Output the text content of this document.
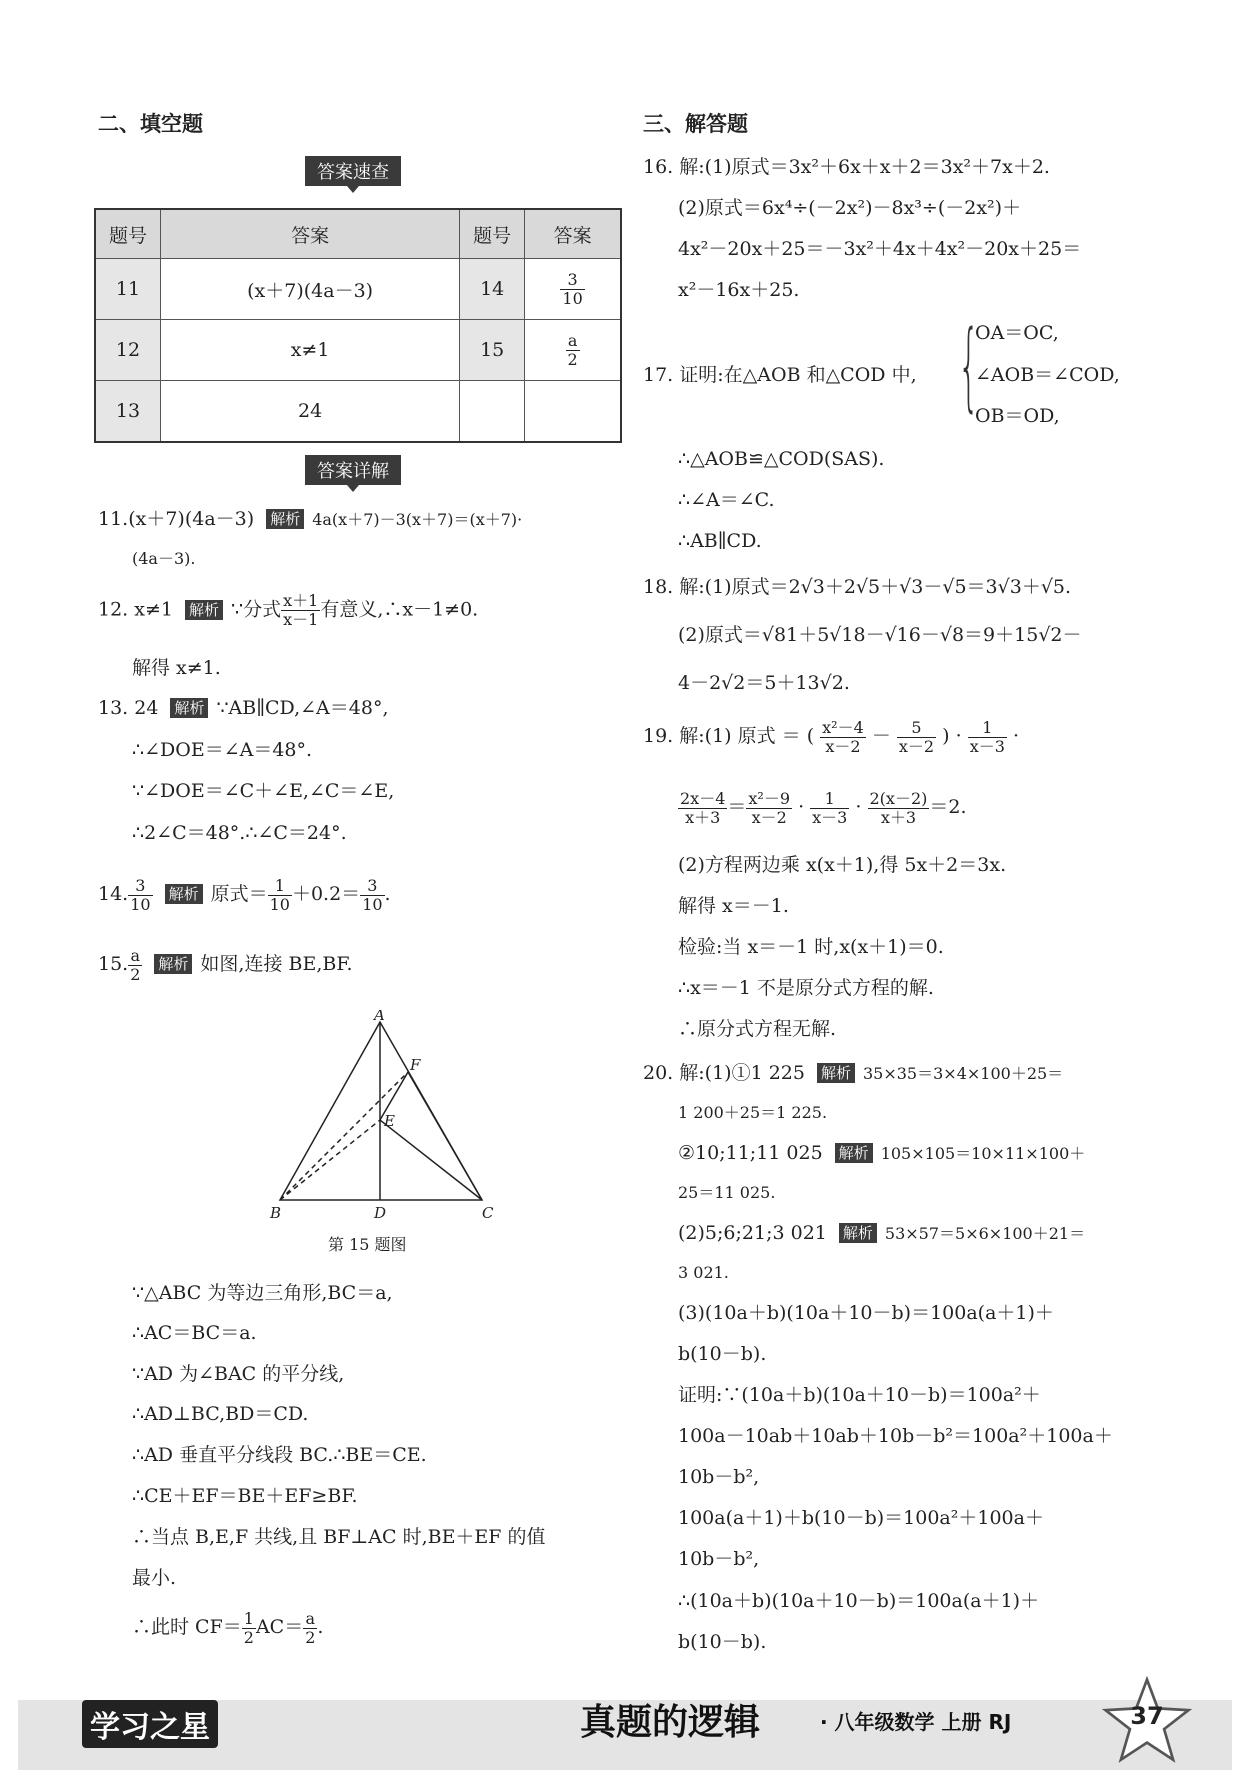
二、填空题
答案速查
题号	答案	题号	答案
11	(x＋7)(4a－3)	14	$\frac{3}{10}$

12	x≠1	15	$\frac{a}{2}$

13	24		
答案详解
11.(x＋7)(4a－3) 解析 4a(x＋7)－3(x＋7)＝(x＋7)·
(4a－3).
12. x≠1 解析 ∵分式 $\frac{x+1}{x-1}$ 有意义,∴x－1≠0.
解得 x≠1.
13. 24 解析 ∵AB∥CD,∠A＝48°,
∴∠DOE＝∠A＝48°.
∵∠DOE＝∠C＋∠E,∠C＝∠E,
∴2∠C＝48°.∴∠C＝24°.
14. $\frac{3}{10}$ 解析 原式＝ $\frac{1}{10} +0.2= \frac{3}{10}$ .
15. $\frac{a}{2}$ 解析 如图,连接 BE,BF.
A
F
E
B	D	C
第 15 题图
∵△ABC 为等边三角形,BC＝a,
∴AC＝BC＝a.
∵AD 为∠BAC 的平分线,
∴AD⊥BC,BD＝CD.
∴AD 垂直平分线段 BC.∴BE＝CE.
∴CE＋EF＝BE＋EF≥BF.
∴当点 B,E,F 共线,且 BF⊥AC 时,BE＋EF 的值
最小.
∴此时 $CF= \frac{1}{2} AC= \frac{a}{2}$ .
三、解答题
16. 解:(1)原式＝3x²＋6x＋x＋2＝3x²＋7x＋2.
(2)原式＝6x⁴÷(－2x²)－8x³÷(－2x²)＋
4x²－20x＋25＝－3x²＋4x＋4x²－20x＋25＝
x²－16x＋25.
17. 证明:在△AOB 和△COD 中, {
OA＝OC,
∠AOB＝∠COD,
OB＝OD,
∴△AOB≌△COD(SAS).
∴∠A＝∠C.
∴AB∥CD.
18. 解:(1)原式＝2√3＋2√5＋√3－√5＝3√3＋√5.
(2)原式＝√81＋5√18－√16－√8＝9＋15√2－
4－2√2＝5＋13√2.
19. 解:(1) 原式 ＝ ( $\frac{\text{x²－4}}{x-2} - \frac{5}{x-2}$ ) · $\frac{1}{x-3}$ ·
$\frac{2x-4}{x+3} = \frac{\text{x²－9}}{x-2} \cdot \frac{1}{x-3} \cdot \frac{2(x-2)}{x+3} =2$.
(2)方程两边乘 x(x＋1),得 5x＋2＝3x.
解得 x＝－1.
检验:当 x＝－1 时,x(x＋1)＝0.
∴x＝－1 不是原分式方程的解.
∴原分式方程无解.
20. 解:(1)①1 225 解析 35×35＝3×4×100＋25＝
1 200＋25＝1 225.
②10;11;11 025 解析 105×105＝10×11×100＋
25＝11 025.
(2)5;6;21;3 021 解析 53×57＝5×6×100＋21＝
3 021.
(3)(10a＋b)(10a＋10－b)＝100a(a＋1)＋
b(10－b).
证明:∵(10a＋b)(10a＋10－b)＝100a²＋
100a－10ab＋10ab＋10b－b²＝100a²＋100a＋
10b－b²,
100a(a＋1)＋b(10－b)＝100a²＋100a＋
10b－b²,
∴(10a＋b)(10a＋10－b)＝100a(a＋1)＋
b(10－b).
学习之星	真题的逻辑	· 八年级数学 上册 RJ	37
